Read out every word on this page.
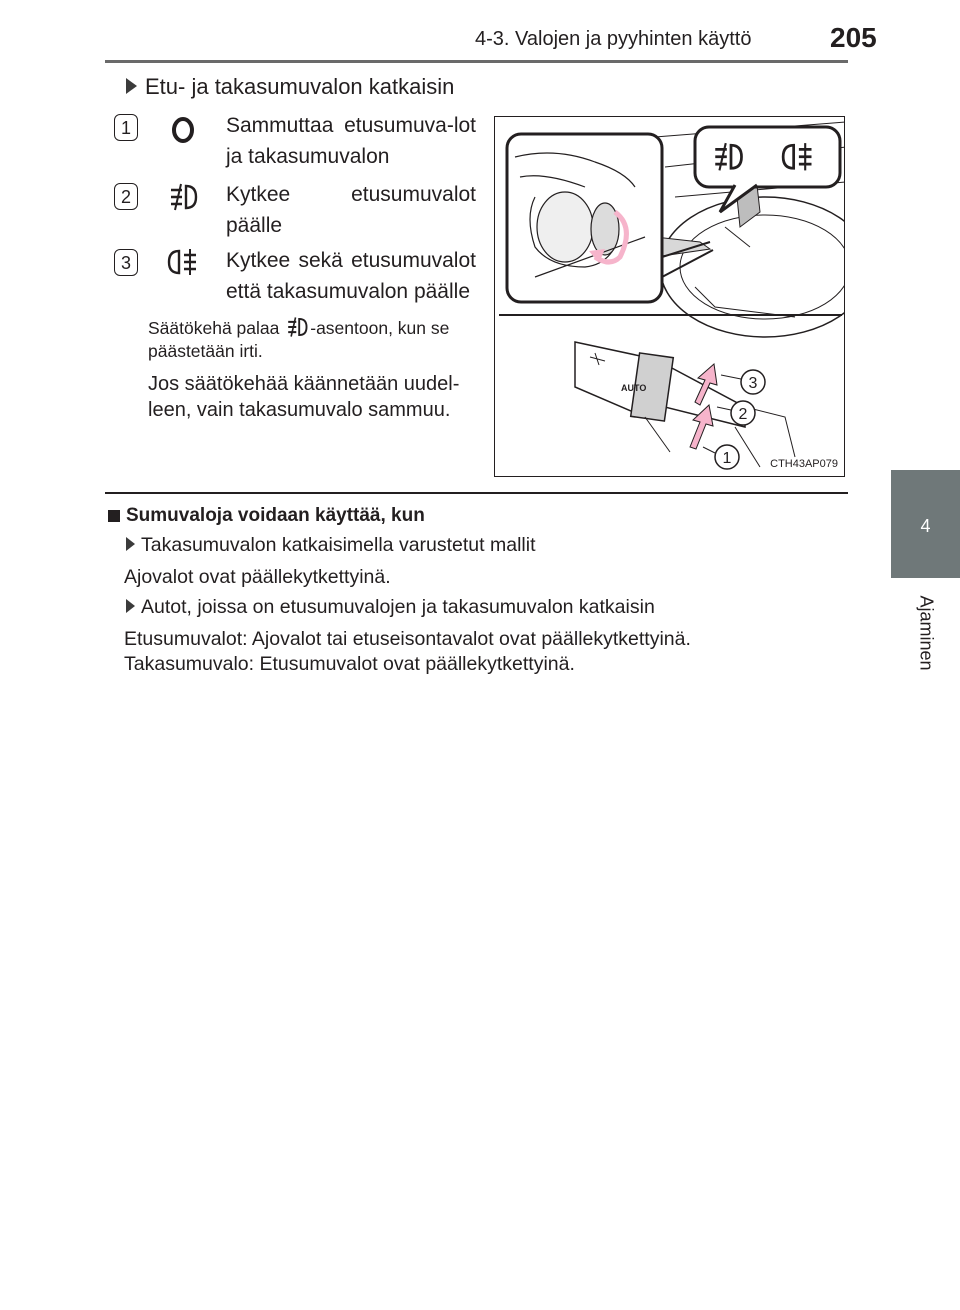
4-3. Valojen ja pyyhinten käyttö	205
4
Ajaminen
Etu- ja takasumuvalon katkaisin
1	Sammuttaa etusumuva-lot ja takasumuvalon
2	Kytkee etusumuvalot päälle
3	Kytkee sekä etusumuvalot että takasumuvalon päälle
Säätökehä palaa -asentoon, kun se päästetään irti.
Jos säätökehää käännetään uudel-leen, vain takasumuvalo sammuu.
AUTO
1
2
3
CTH43AP079
Sumuvaloja voidaan käyttää, kun
Takasumuvalon katkaisimella varustetut mallit
Ajovalot ovat päällekytkettyinä.
Autot, joissa on etusumuvalojen ja takasumuvalon katkaisin
Etusumuvalot: Ajovalot tai etuseisontavalot ovat päällekytkettyinä.
Takasumuvalo: Etusumuvalot ovat päällekytkettyinä.
